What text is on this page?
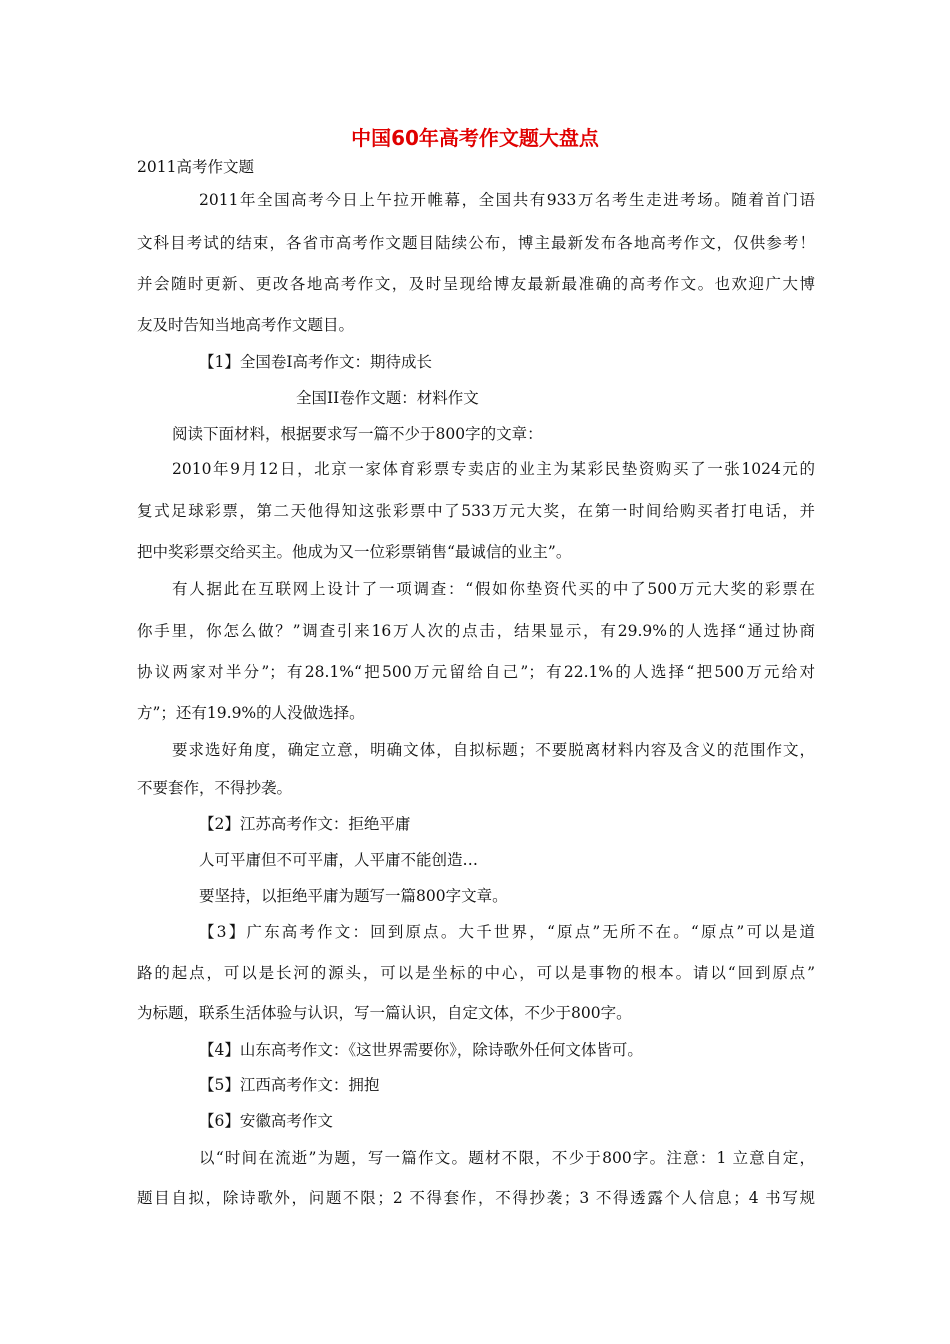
中国60年高考作文题大盘点
2011高考作文题
2011年全国高考今日上午拉开帷幕，全国共有933万名考生走进考场。随着首门语
文科目考试的结束，各省市高考作文题目陆续公布，博主最新发布各地高考作文，仅供参考！
并会随时更新、更改各地高考作文，及时呈现给博友最新最准确的高考作文。也欢迎广大博
友及时告知当地高考作文题目。
【1】全国卷I高考作文：期待成长
全国II卷作文题：材料作文
阅读下面材料，根据要求写一篇不少于800字的文章：
2010年9月12日，北京一家体育彩票专卖店的业主为某彩民垫资购买了一张1024元的
复式足球彩票，第二天他得知这张彩票中了533万元大奖，在第一时间给购买者打电话，并
把中奖彩票交给买主。他成为又一位彩票销售“最诚信的业主”。
有人据此在互联网上设计了一项调查：“假如你垫资代买的中了500万元大奖的彩票在
你手里，你怎么做？”调查引来16万人次的点击，结果显示，有29.9%的人选择“通过协商
协议两家对半分”；有28.1%“把500万元留给自己”；有22.1%的人选择“把500万元给对
方”；还有19.9%的人没做选择。
要求选好角度，确定立意，明确文体，自拟标题；不要脱离材料内容及含义的范围作文，
不要套作，不得抄袭。
【2】江苏高考作文：拒绝平庸
人可平庸但不可平庸，人平庸不能创造…
要坚持，以拒绝平庸为题写一篇800字文章。
【3】广东高考作文：回到原点。大千世界，“原点”无所不在。“原点”可以是道
路的起点，可以是长河的源头，可以是坐标的中心，可以是事物的根本。请以“回到原点”
为标题，联系生活体验与认识，写一篇认识，自定文体，不少于800字。
【4】山东高考作文：《这世界需要你》，除诗歌外任何文体皆可。
【5】江西高考作文：拥抱
【6】安徽高考作文
以“时间在流逝”为题，写一篇作文。题材不限，不少于800字。注意：1 立意自定，
题目自拟，除诗歌外，问题不限；2 不得套作，不得抄袭；3 不得透露个人信息；4 书写规
